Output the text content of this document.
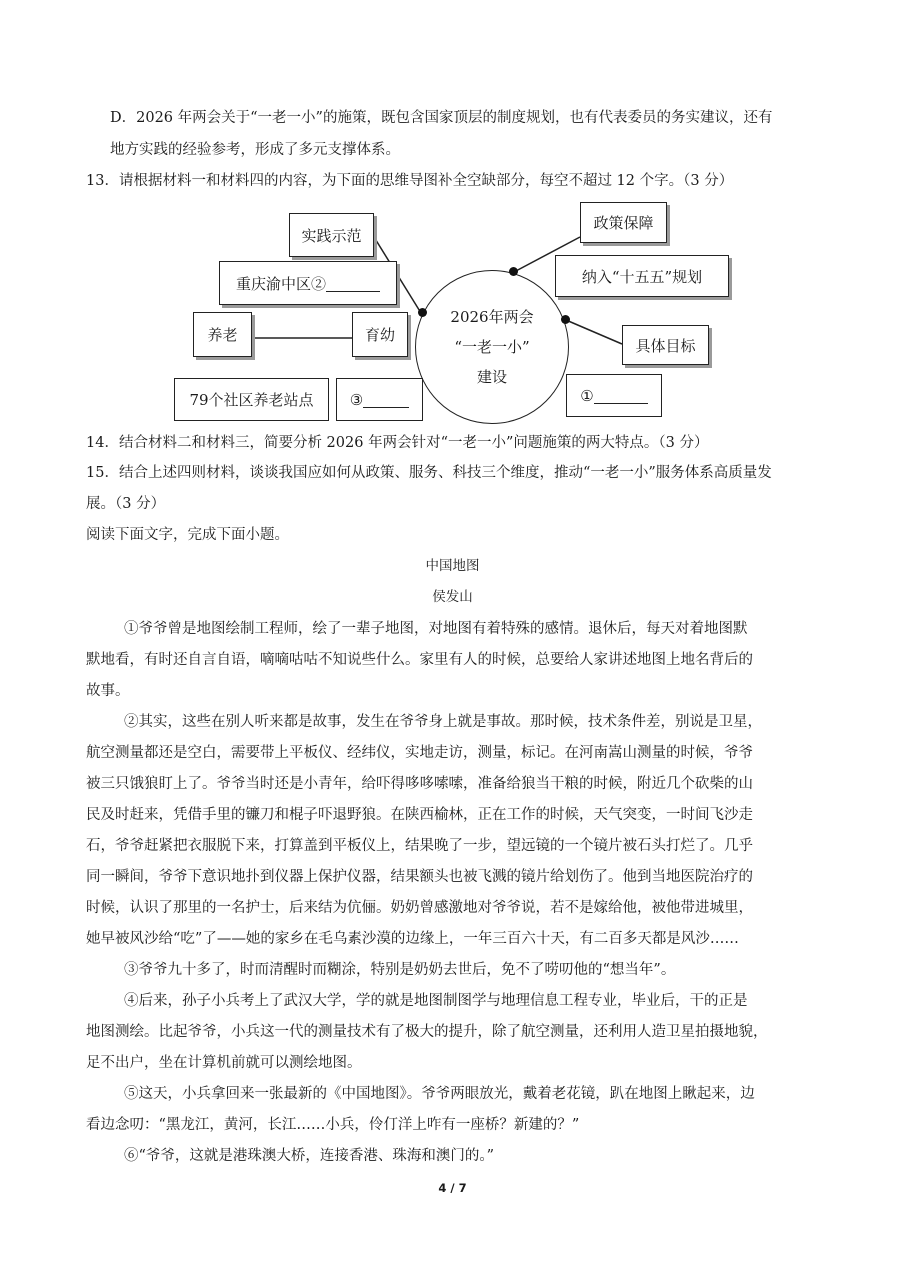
D．2026 年两会关于“一老一小”的施策，既包含国家顶层的制度规划，也有代表委员的务实建议，还有
地方实践的经验参考，形成了多元支撑体系。
13．请根据材料一和材料四的内容，为下面的思维导图补全空缺部分，每空不超过 12 个字。（3 分）
实践示范
重庆渝中区②
养老	育幼
79个社区养老站点	③
2026年两会
“一老一小”
建设
政策保障
纳入“十五五”规划
具体目标
①
14．结合材料二和材料三，简要分析 2026 年两会针对“一老一小”问题施策的两大特点。（3 分）
15．结合上述四则材料，谈谈我国应如何从政策、服务、科技三个维度，推动“一老一小”服务体系高质量发
展。（3 分）
阅读下面文字，完成下面小题。
中国地图
侯发山
①爷爷曾是地图绘制工程师，绘了一辈子地图，对地图有着特殊的感情。退休后，每天对着地图默
默地看，有时还自言自语，嘀嘀咕咕不知说些什么。家里有人的时候，总要给人家讲述地图上地名背后的
故事。
②其实，这些在别人听来都是故事，发生在爷爷身上就是事故。那时候，技术条件差，别说是卫星，
航空测量都还是空白，需要带上平板仪、经纬仪，实地走访，测量，标记。在河南嵩山测量的时候，爷爷
被三只饿狼盯上了。爷爷当时还是小青年，给吓得哆哆嗦嗦，准备给狼当干粮的时候，附近几个砍柴的山
民及时赶来，凭借手里的镰刀和棍子吓退野狼。在陕西榆林，正在工作的时候，天气突变，一时间飞沙走
石，爷爷赶紧把衣服脱下来，打算盖到平板仪上，结果晚了一步，望远镜的一个镜片被石头打烂了。几乎
同一瞬间，爷爷下意识地扑到仪器上保护仪器，结果额头也被飞溅的镜片给划伤了。他到当地医院治疗的
时候，认识了那里的一名护士，后来结为伉俪。奶奶曾感激地对爷爷说，若不是嫁给他，被他带进城里，
她早被风沙给“吃”了——她的家乡在毛乌素沙漠的边缘上，一年三百六十天，有二百多天都是风沙……
③爷爷九十多了，时而清醒时而糊涂，特别是奶奶去世后，免不了唠叨他的“想当年”。
④后来，孙子小兵考上了武汉大学，学的就是地图制图学与地理信息工程专业，毕业后，干的正是
地图测绘。比起爷爷，小兵这一代的测量技术有了极大的提升，除了航空测量，还利用人造卫星拍摄地貌，
足不出户，坐在计算机前就可以测绘地图。
⑤这天，小兵拿回来一张最新的《中国地图》。爷爷两眼放光，戴着老花镜，趴在地图上瞅起来，边
看边念叨：“黑龙江，黄河，长江……小兵，伶仃洋上咋有一座桥？新建的？”
⑥“爷爷，这就是港珠澳大桥，连接香港、珠海和澳门的。”
4 / 7
